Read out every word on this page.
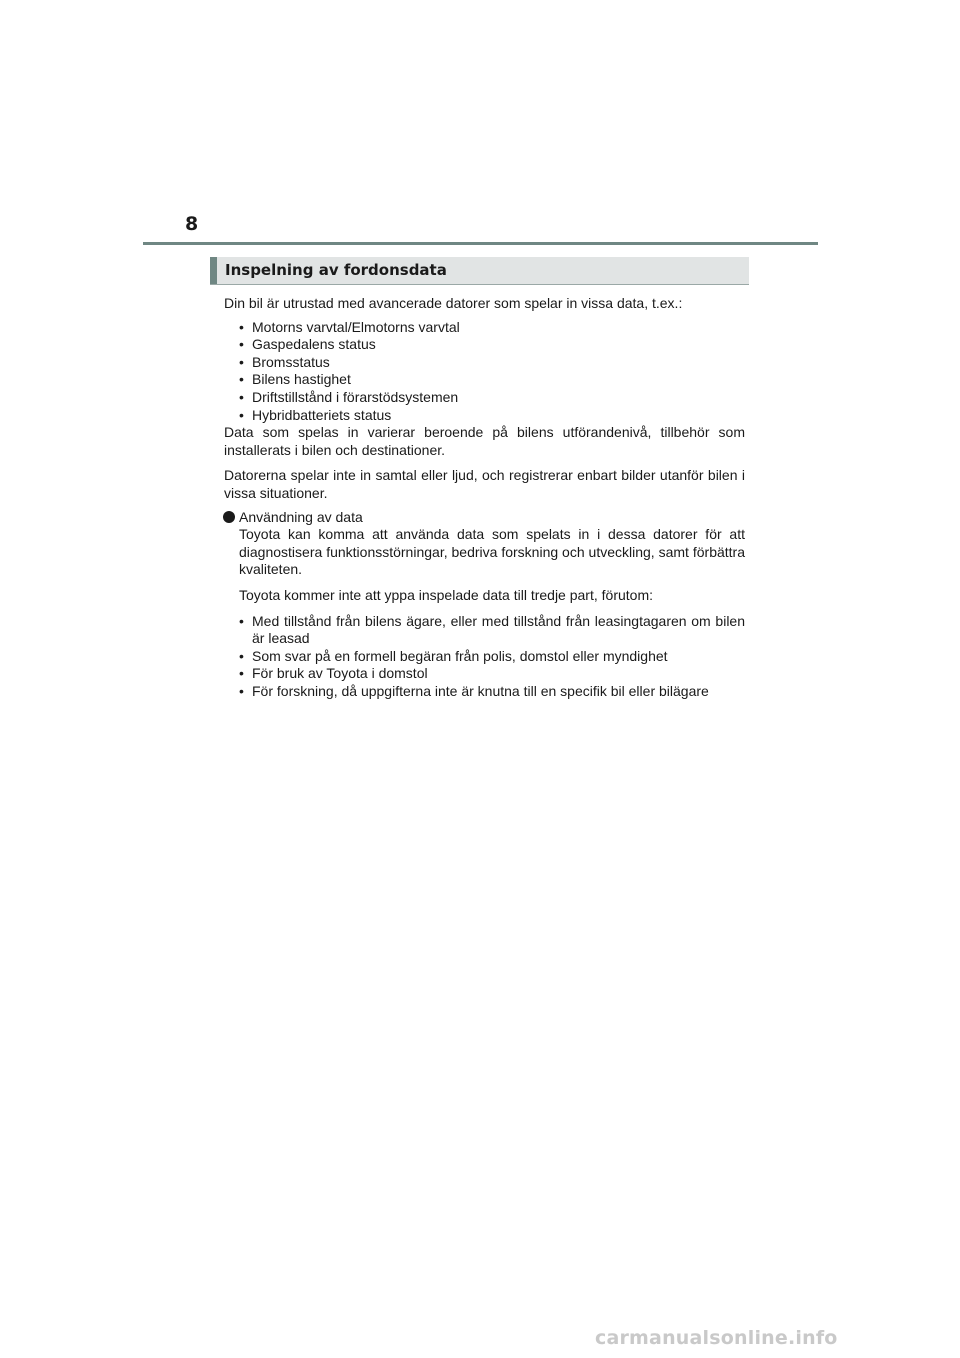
8
Inspelning av fordonsdata

Din bil är utrustad med avancerade datorer som spelar in vissa data, t.ex.:

• Motorns varvtal/Elmotorns varvtal
• Gaspedalens status
• Bromsstatus
• Bilens hastighet
• Driftstillstånd i förarstödsystemen
• Hybridbatteriets status

Data som spelas in varierar beroende på bilens utförandenivå, tillbehör som installerats i bilen och destinationer.

Datorerna spelar inte in samtal eller ljud, och registrerar enbart bilder utanför bilen i vissa situationer.

Användning av data

Toyota kan komma att använda data som spelats in i dessa datorer för att diagnostisera funktionsstörningar, bedriva forskning och utveckling, samt förbättra kvaliteten.

Toyota kommer inte att yppa inspelade data till tredje part, förutom:

• Med tillstånd från bilens ägare, eller med tillstånd från leasingtagaren om bilen är leasad
• Som svar på en formell begäran från polis, domstol eller myndighet
• För bruk av Toyota i domstol
• För forskning, då uppgifterna inte är knutna till en specifik bil eller bilägare
carmanualsonline.info
